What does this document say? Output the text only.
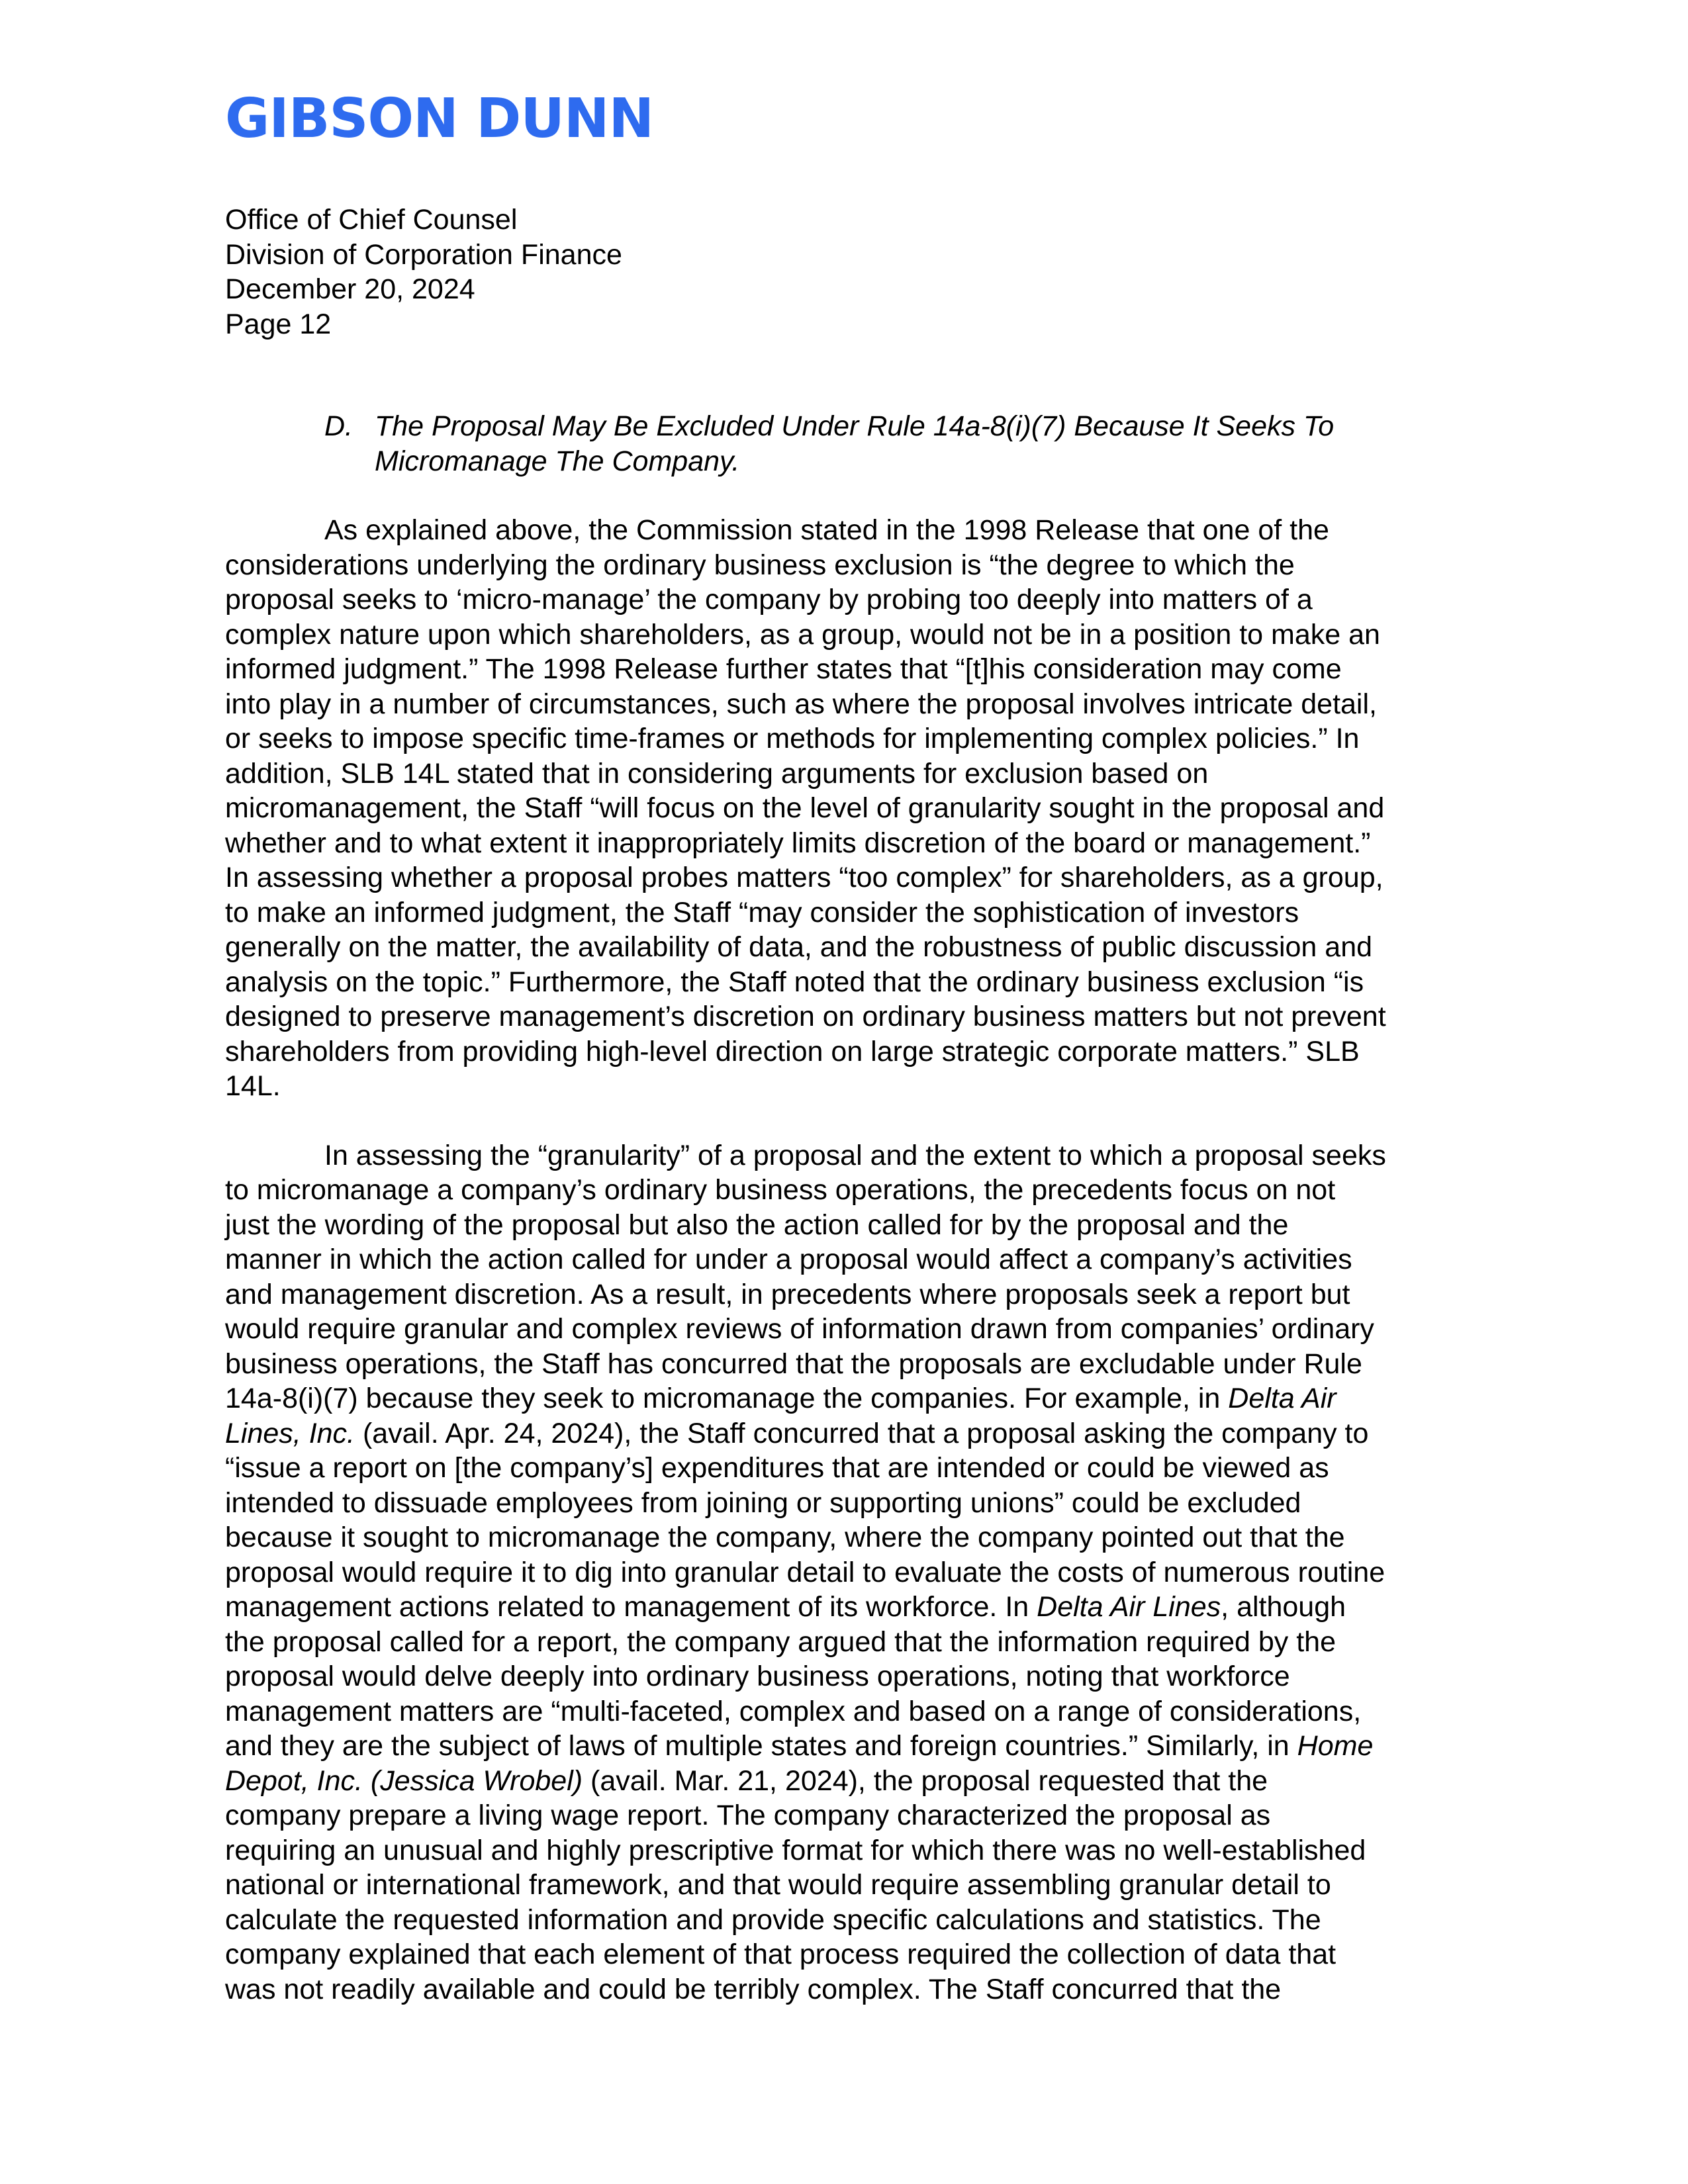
GIBSON DUNN
Office of Chief Counsel
Division of Corporation Finance
December 20, 2024
Page 12
D. The Proposal May Be Excluded Under Rule 14a-8(i)(7) Because It Seeks To
Micromanage The Company.
As explained above, the Commission stated in the 1998 Release that one of the
considerations underlying the ordinary business exclusion is “the degree to which the
proposal seeks to ‘micro-manage’ the company by probing too deeply into matters of a
complex nature upon which shareholders, as a group, would not be in a position to make an
informed judgment.” The 1998 Release further states that “[t]his consideration may come
into play in a number of circumstances, such as where the proposal involves intricate detail,
or seeks to impose specific time-frames or methods for implementing complex policies.” In
addition, SLB 14L stated that in considering arguments for exclusion based on
micromanagement, the Staff “will focus on the level of granularity sought in the proposal and
whether and to what extent it inappropriately limits discretion of the board or management.”
In assessing whether a proposal probes matters “too complex” for shareholders, as a group,
to make an informed judgment, the Staff “may consider the sophistication of investors
generally on the matter, the availability of data, and the robustness of public discussion and
analysis on the topic.” Furthermore, the Staff noted that the ordinary business exclusion “is
designed to preserve management’s discretion on ordinary business matters but not prevent
shareholders from providing high-level direction on large strategic corporate matters.” SLB
14L.
In assessing the “granularity” of a proposal and the extent to which a proposal seeks
to micromanage a company’s ordinary business operations, the precedents focus on not
just the wording of the proposal but also the action called for by the proposal and the
manner in which the action called for under a proposal would affect a company’s activities
and management discretion. As a result, in precedents where proposals seek a report but
would require granular and complex reviews of information drawn from companies’ ordinary
business operations, the Staff has concurred that the proposals are excludable under Rule
14a-8(i)(7) because they seek to micromanage the companies. For example, in Delta Air
Lines, Inc. (avail. Apr. 24, 2024), the Staff concurred that a proposal asking the company to
“issue a report on [the company’s] expenditures that are intended or could be viewed as
intended to dissuade employees from joining or supporting unions” could be excluded
because it sought to micromanage the company, where the company pointed out that the
proposal would require it to dig into granular detail to evaluate the costs of numerous routine
management actions related to management of its workforce. In Delta Air Lines, although
the proposal called for a report, the company argued that the information required by the
proposal would delve deeply into ordinary business operations, noting that workforce
management matters are “multi-faceted, complex and based on a range of considerations,
and they are the subject of laws of multiple states and foreign countries.” Similarly, in Home
Depot, Inc. (Jessica Wrobel) (avail. Mar. 21, 2024), the proposal requested that the
company prepare a living wage report. The company characterized the proposal as
requiring an unusual and highly prescriptive format for which there was no well-established
national or international framework, and that would require assembling granular detail to
calculate the requested information and provide specific calculations and statistics. The
company explained that each element of that process required the collection of data that
was not readily available and could be terribly complex. The Staff concurred that the
